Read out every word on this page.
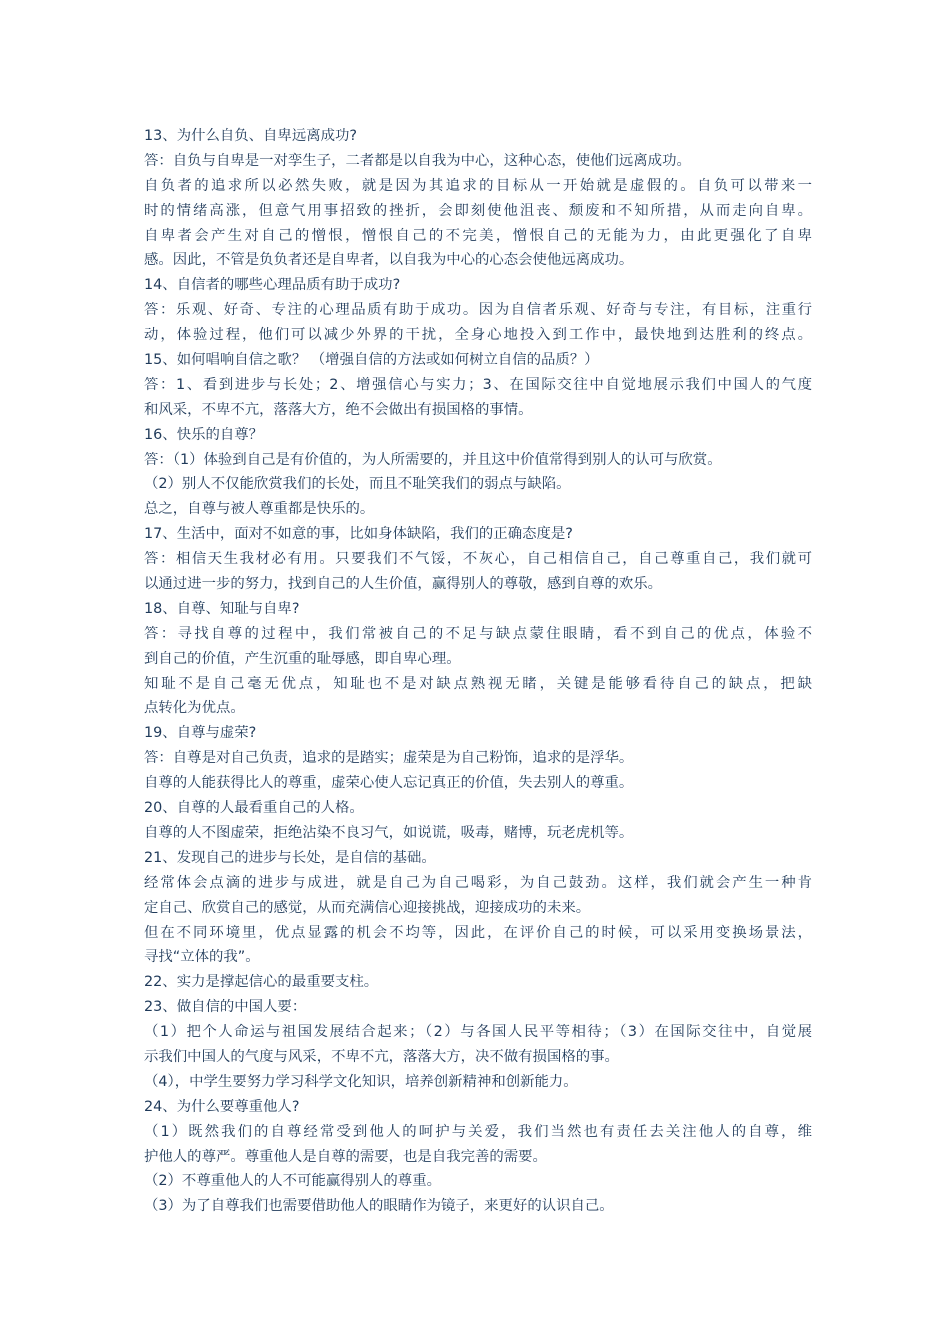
13、为什么自负、自卑远离成功?
答：自负与自卑是一对孪生子，二者都是以自我为中心，这种心态，使他们远离成功。
自负者的追求所以必然失败，就是因为其追求的目标从一开始就是虚假的。自负可以带来一
时的情绪高涨，但意气用事招致的挫折，会即刻使他沮丧、颓废和不知所措，从而走向自卑。
自卑者会产生对自己的憎恨，憎恨自己的不完美，憎恨自己的无能为力，由此更强化了自卑
感。因此，不管是负负者还是自卑者，以自我为中心的心态会使他远离成功。
14、自信者的哪些心理品质有助于成功?
答：乐观、好奇、专注的心理品质有助于成功。因为自信者乐观、好奇与专注，有目标，注重行
动，体验过程，他们可以减少外界的干扰，全身心地投入到工作中，最快地到达胜利的终点。
15、如何唱响自信之歌？ （增强自信的方法或如何树立自信的品质？）
答：1、看到进步与长处；2、增强信心与实力；3、在国际交往中自觉地展示我们中国人的气度
和风采，不卑不亢，落落大方，绝不会做出有损国格的事情。
16、快乐的自尊？
答：（1）体验到自己是有价值的，为人所需要的，并且这中价值常得到别人的认可与欣赏。
（2）别人不仅能欣赏我们的长处，而且不耻笑我们的弱点与缺陷。
总之，自尊与被人尊重都是快乐的。
17、生活中，面对不如意的事，比如身体缺陷，我们的正确态度是?
答：相信天生我材必有用。只要我们不气馁，不灰心，自己相信自己，自己尊重自己，我们就可
以通过进一步的努力，找到自己的人生价值，赢得别人的尊敬，感到自尊的欢乐。
18、自尊、知耻与自卑?
答：寻找自尊的过程中，我们常被自己的不足与缺点蒙住眼睛，看不到自己的优点，体验不
到自己的价值，产生沉重的耻辱感，即自卑心理。
知耻不是自己毫无优点，知耻也不是对缺点熟视无睹，关键是能够看待自己的缺点，把缺
点转化为优点。
19、自尊与虚荣?
答：自尊是对自己负责，追求的是踏实；虚荣是为自己粉饰，追求的是浮华。
自尊的人能获得比人的尊重，虚荣心使人忘记真正的价值，失去别人的尊重。
20、自尊的人最看重自己的人格。
自尊的人不图虚荣，拒绝沾染不良习气，如说谎，吸毒，赌博，玩老虎机等。
21、发现自己的进步与长处，是自信的基础。
经常体会点滴的进步与成进，就是自己为自己喝彩，为自己鼓劲。这样，我们就会产生一种肯
定自己、欣赏自己的感觉，从而充满信心迎接挑战，迎接成功的未来。
但在不同环境里，优点显露的机会不均等，因此，在评价自己的时候，可以采用变换场景法，
寻找“立体的我”。
22、实力是撑起信心的最重要支柱。
23、做自信的中国人要：
（1）把个人命运与祖国发展结合起来；（2）与各国人民平等相待；（3）在国际交往中，自觉展
示我们中国人的气度与风采，不卑不亢，落落大方，决不做有损国格的事。
（4），中学生要努力学习科学文化知识，培养创新精神和创新能力。
24、为什么要尊重他人?
（1）既然我们的自尊经常受到他人的呵护与关爱，我们当然也有责任去关注他人的自尊，维
护他人的尊严。尊重他人是自尊的需要，也是自我完善的需要。
（2）不尊重他人的人不可能赢得别人的尊重。
（3）为了自尊我们也需要借助他人的眼睛作为镜子，来更好的认识自己。
